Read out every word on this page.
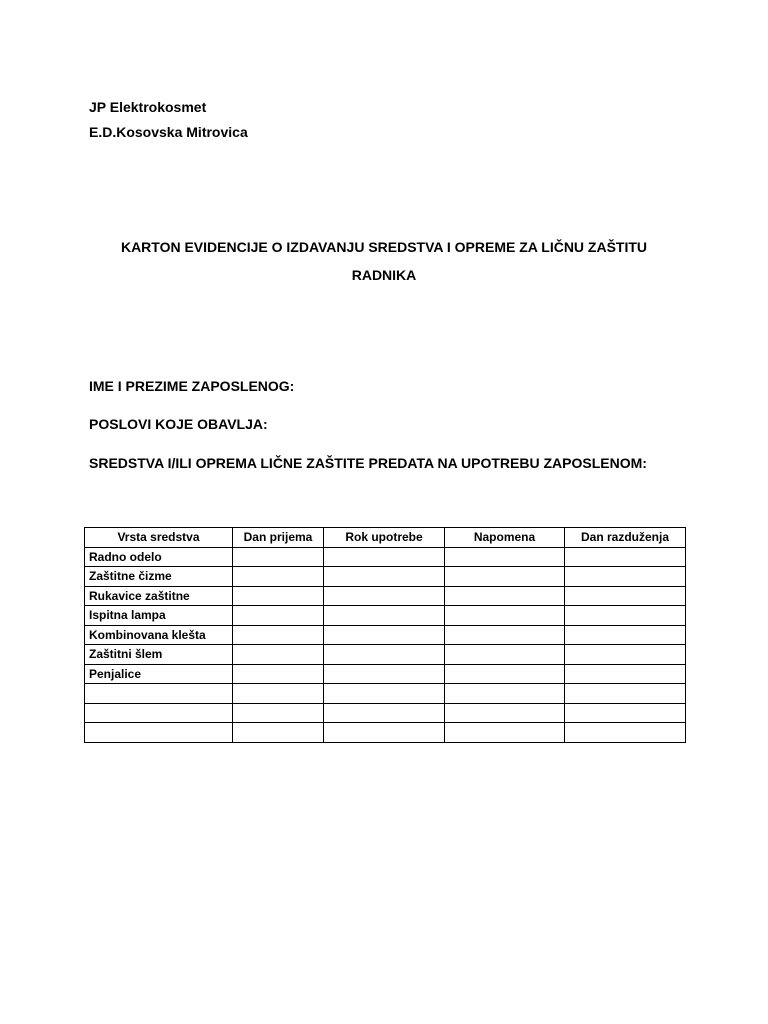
JP Elektrokosmet
E.D.Kosovska Mitrovica
KARTON EVIDENCIJE O IZDAVANJU SREDSTVA I OPREME ZA LIČNU ZAŠTITU
RADNIKA
IME I PREZIME ZAPOSLENOG:
POSLOVI KOJE OBAVLJA:
SREDSTVA I/ILI OPREMA LIČNE ZAŠTITE PREDATA NA UPOTREBU ZAPOSLENOM:
Vrsta sredstva	Dan prijema	Rok upotrebe	Napomena	Dan razduženja
Radno odelo				
Zaštitne čizme				
Rukavice zaštitne				
Ispitna lampa				
Kombinovana klešta				
Zaštitni šlem				
Penjalice				
